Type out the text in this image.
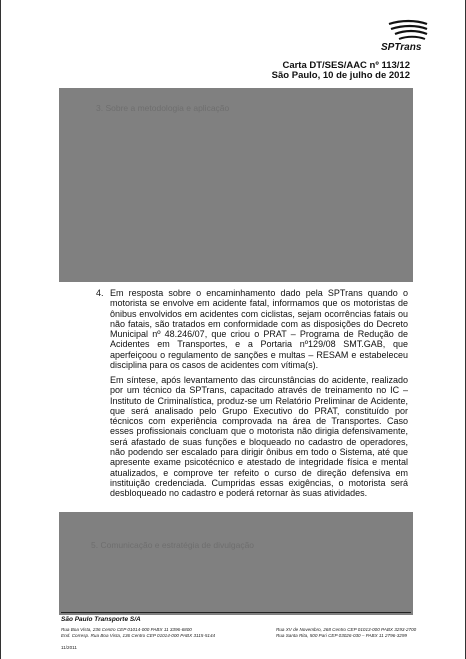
SPTrans
Carta DT/SES/AAC nº 113/12
São Paulo, 10 de julho de 2012
3. Sobre a metodologia e aplicação
4. Em resposta sobre o encaminhamento dado pela SPTrans quando o motorista se envolve em acidente fatal, informamos que os motoristas de ônibus envolvidos em acidentes com ciclistas, sejam ocorrências fatais ou não fatais, são tratados em conformidade com as disposições do Decreto Municipal nº 48.246/07, que criou o PRAT – Programa de Redução de Acidentes em Transportes, e a Portaria nº129/08 SMT.GAB, que aperfeiçoou o regulamento de sanções e multas – RESAM e estabeleceu disciplina para os casos de acidentes com vítima(s).

Em síntese, após levantamento das circunstâncias do acidente, realizado por um técnico da SPTrans, capacitado através de treinamento no IC – Instituto de Criminalística, produz-se um Relatório Preliminar de Acidente, que será analisado pelo Grupo Executivo do PRAT, constituído por técnicos com experiência comprovada na área de Transportes. Caso esses profissionais concluam que o motorista não dirigia defensivamente, será afastado de suas funções e bloqueado no cadastro de operadores, não podendo ser escalado para dirigir ônibus em todo o Sistema, até que apresente exame psicotécnico e atestado de integridade física e mental atualizados, e comprove ter refeito o curso de direção defensiva em instituição credenciada. Cumpridas essas exigências, o motorista será desbloqueado no cadastro e poderá retornar às suas atividades.

5. Comunicação e estratégia de divulgação
São Paulo Transporte S/A
Rua Boa Vista, 236 Centro CEP 01014-000 PABX 11 3396-6800
End. Corresp. Rua Boa Vista, 136 Centro CEP 01014-000 PABX 3115-5144
Rua XV de Novembro, 268 Centro CEP 01013-000 PABX 3293-2700
Rua Santa Rita, 500 Pari CEP 03026-030 – PABX 11 2796-3299
11/2011
